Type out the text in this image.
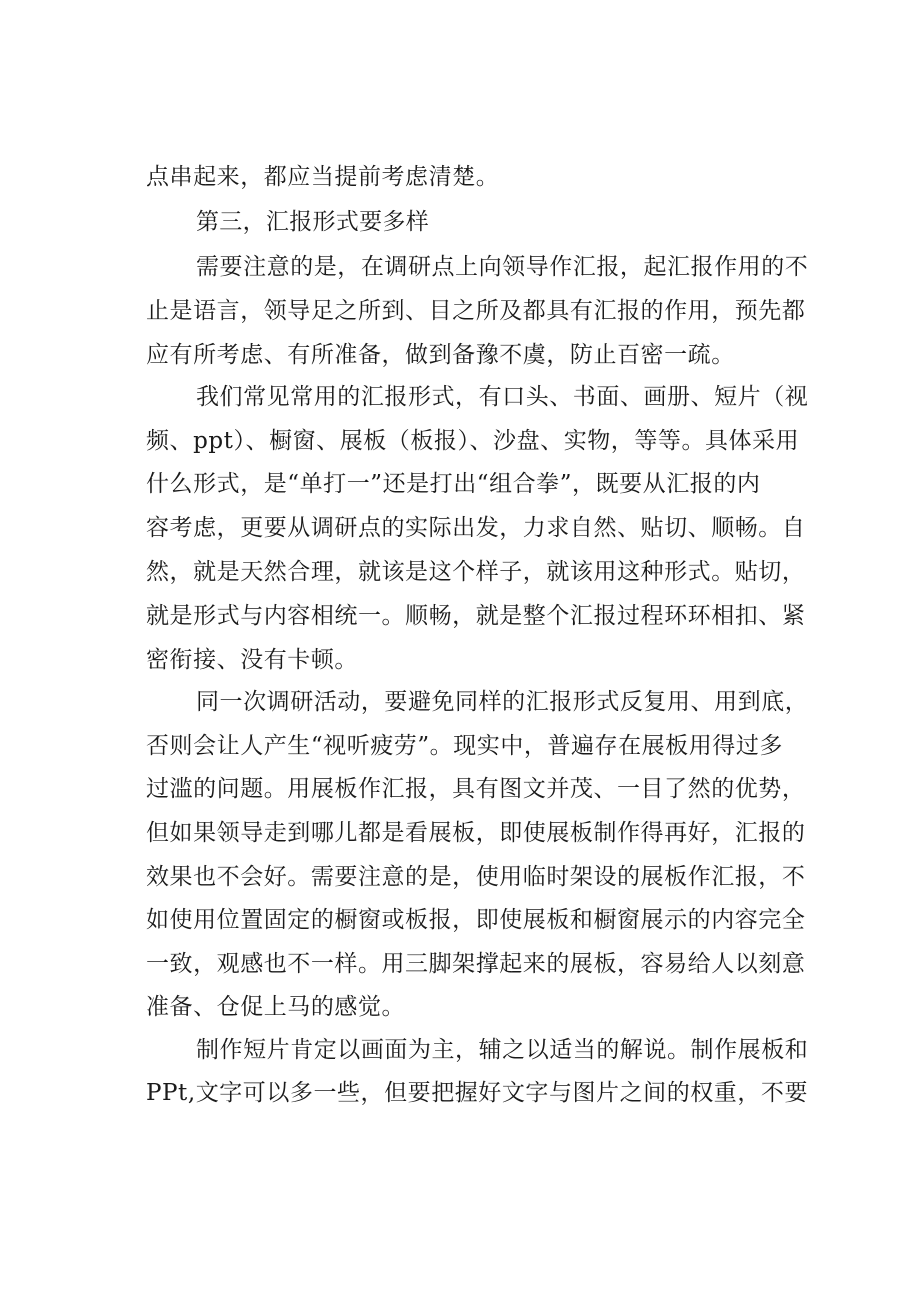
点串起来，都应当提前考虑清楚。
第三，汇报形式要多样
需要注意的是，在调研点上向领导作汇报，起汇报作用的不
止是语言，领导足之所到、目之所及都具有汇报的作用，预先都
应有所考虑、有所准备，做到备豫不虞，防止百密一疏。
我们常见常用的汇报形式，有口头、书面、画册、短片（视
频、ppt）、橱窗、展板（板报）、沙盘、实物，等等。具体采用
什么形式，是“单打一”还是打出“组合拳”，既要从汇报的内
容考虑，更要从调研点的实际出发，力求自然、贴切、顺畅。自
然，就是天然合理，就该是这个样子，就该用这种形式。贴切，
就是形式与内容相统一。顺畅，就是整个汇报过程环环相扣、紧
密衔接、没有卡顿。
同一次调研活动，要避免同样的汇报形式反复用、用到底，
否则会让人产生“视听疲劳”。现实中，普遍存在展板用得过多
过滥的问题。用展板作汇报，具有图文并茂、一目了然的优势，
但如果领导走到哪儿都是看展板，即使展板制作得再好，汇报的
效果也不会好。需要注意的是，使用临时架设的展板作汇报，不
如使用位置固定的橱窗或板报，即使展板和橱窗展示的内容完全
一致，观感也不一样。用三脚架撑起来的展板，容易给人以刻意
准备、仓促上马的感觉。
制作短片肯定以画面为主，辅之以适当的解说。制作展板和
PPt,文字可以多一些，但要把握好文字与图片之间的权重，不要
